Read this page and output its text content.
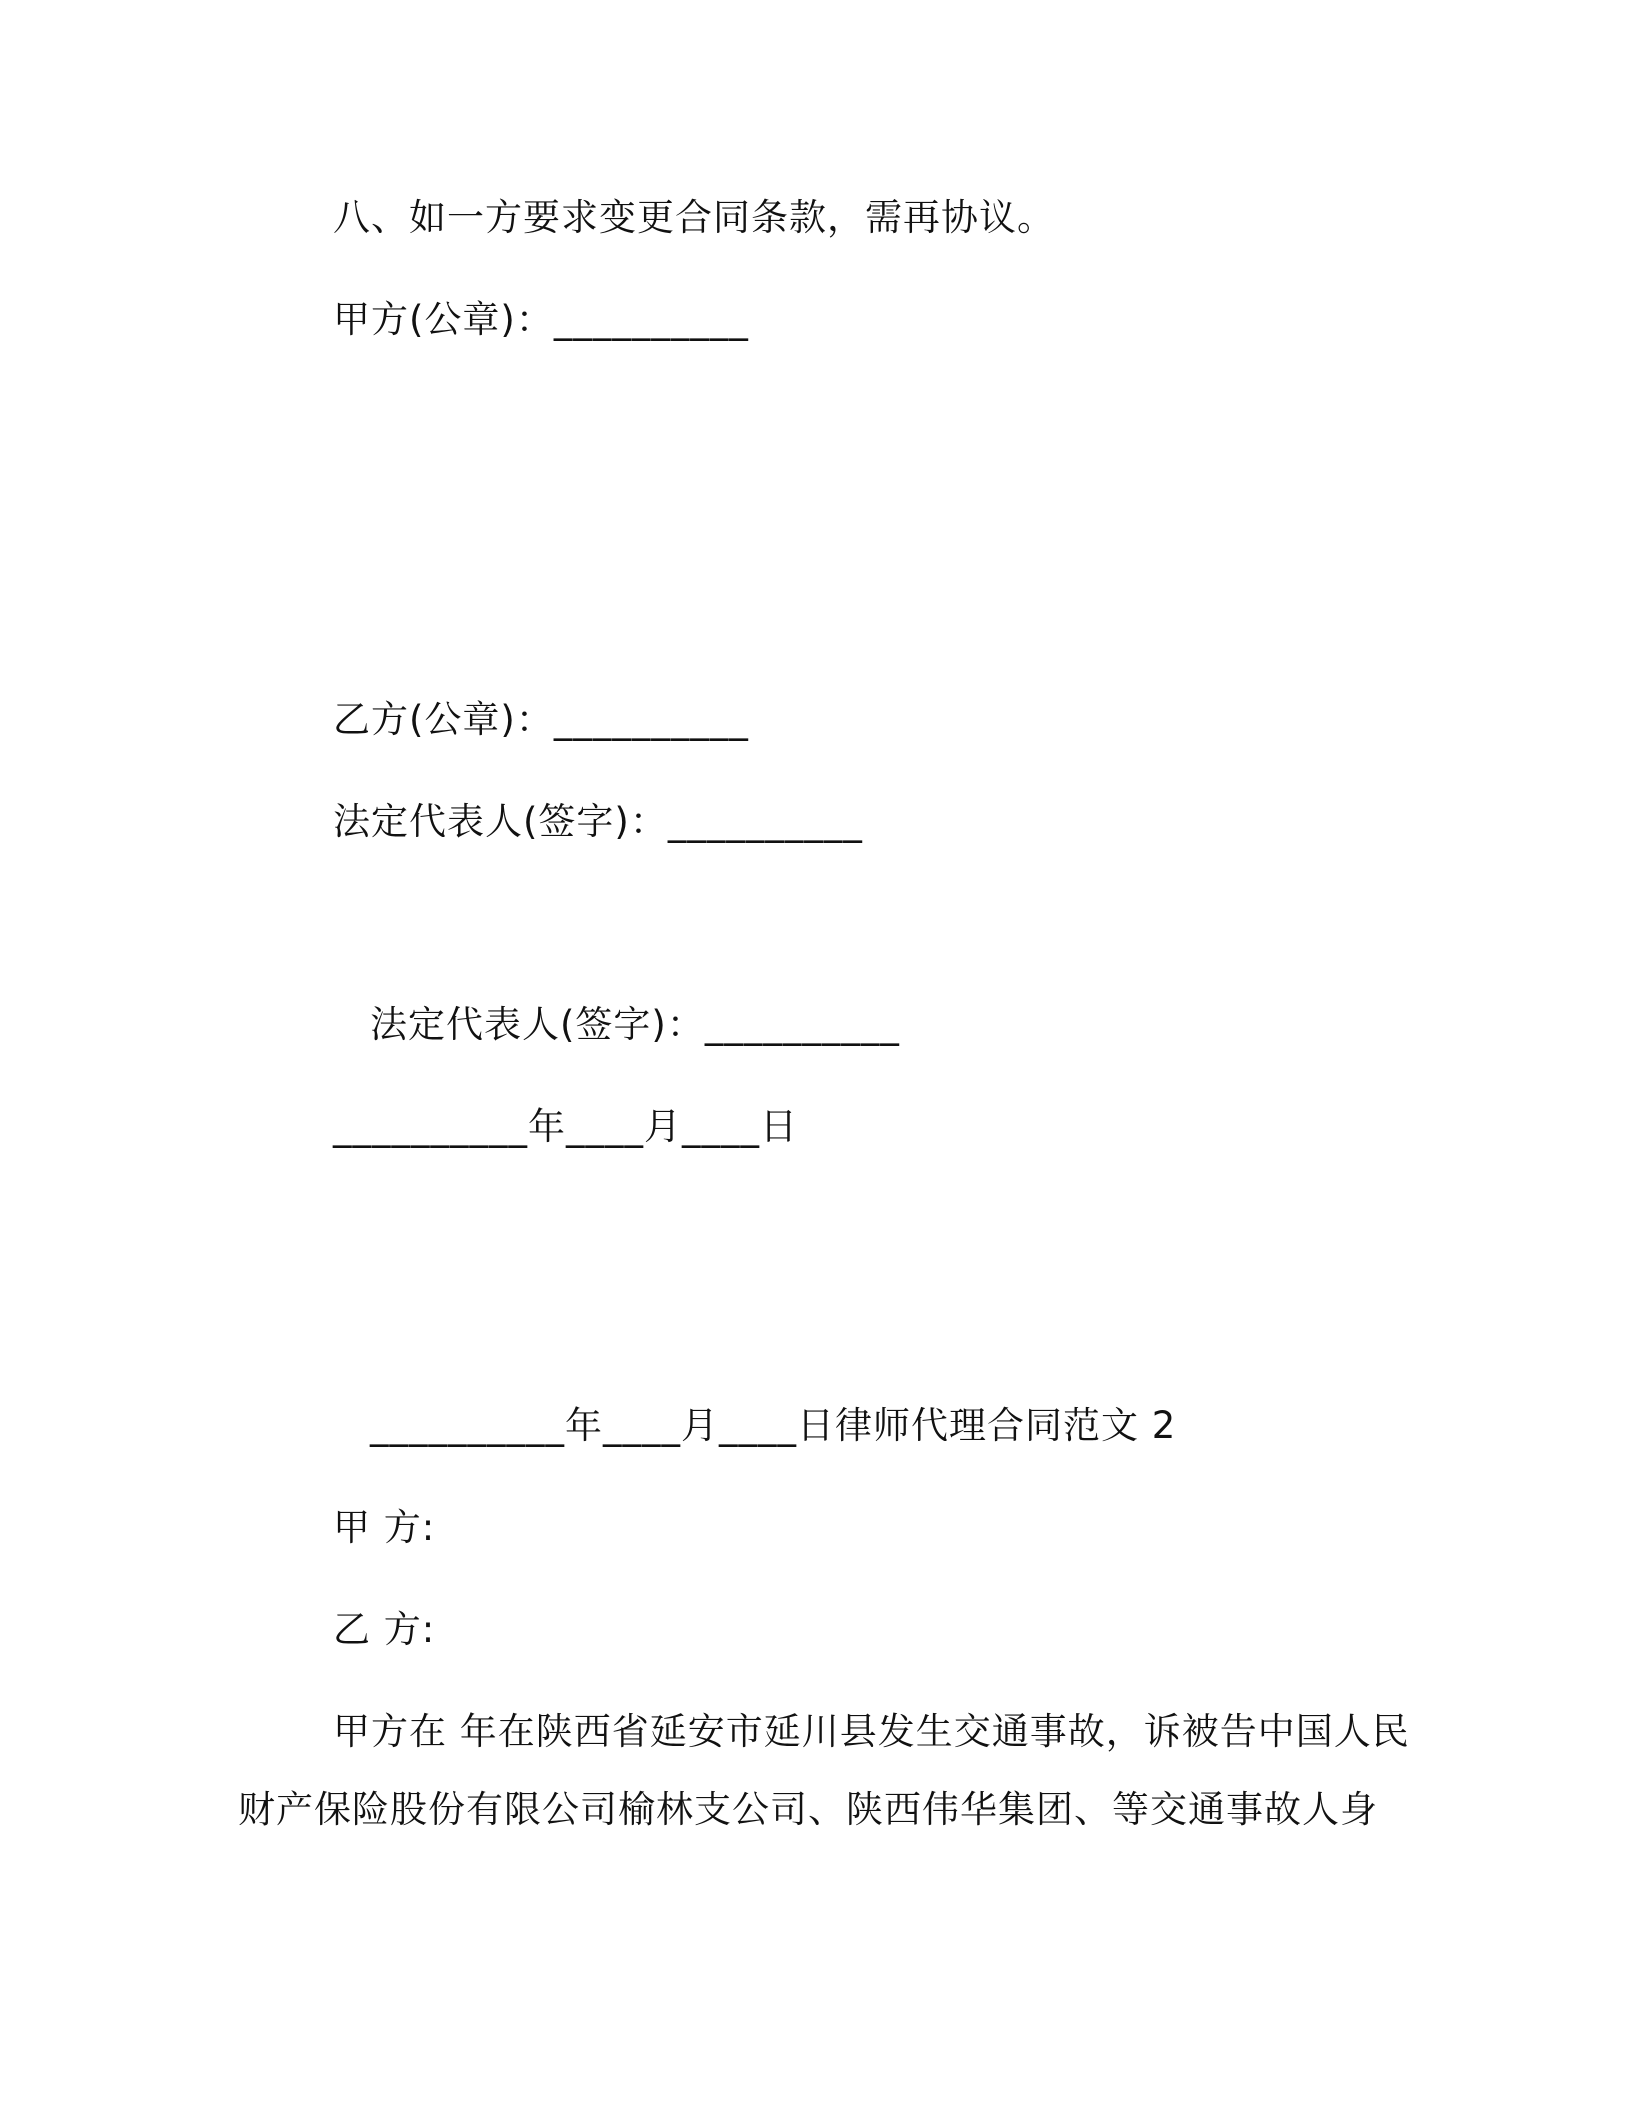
八、如一方要求变更合同条款，需再协议。
甲方(公章)：__________
乙方(公章)：__________
法定代表人(签字)：__________
法定代表人(签字)：__________
__________年____月____日
__________年____月____日律师代理合同范文 2
甲 方:
乙 方:
甲方在 年在陕西省延安市延川县发生交通事故，诉被告中国人民
财产保险股份有限公司榆林支公司、陕西伟华集团、等交通事故人身
